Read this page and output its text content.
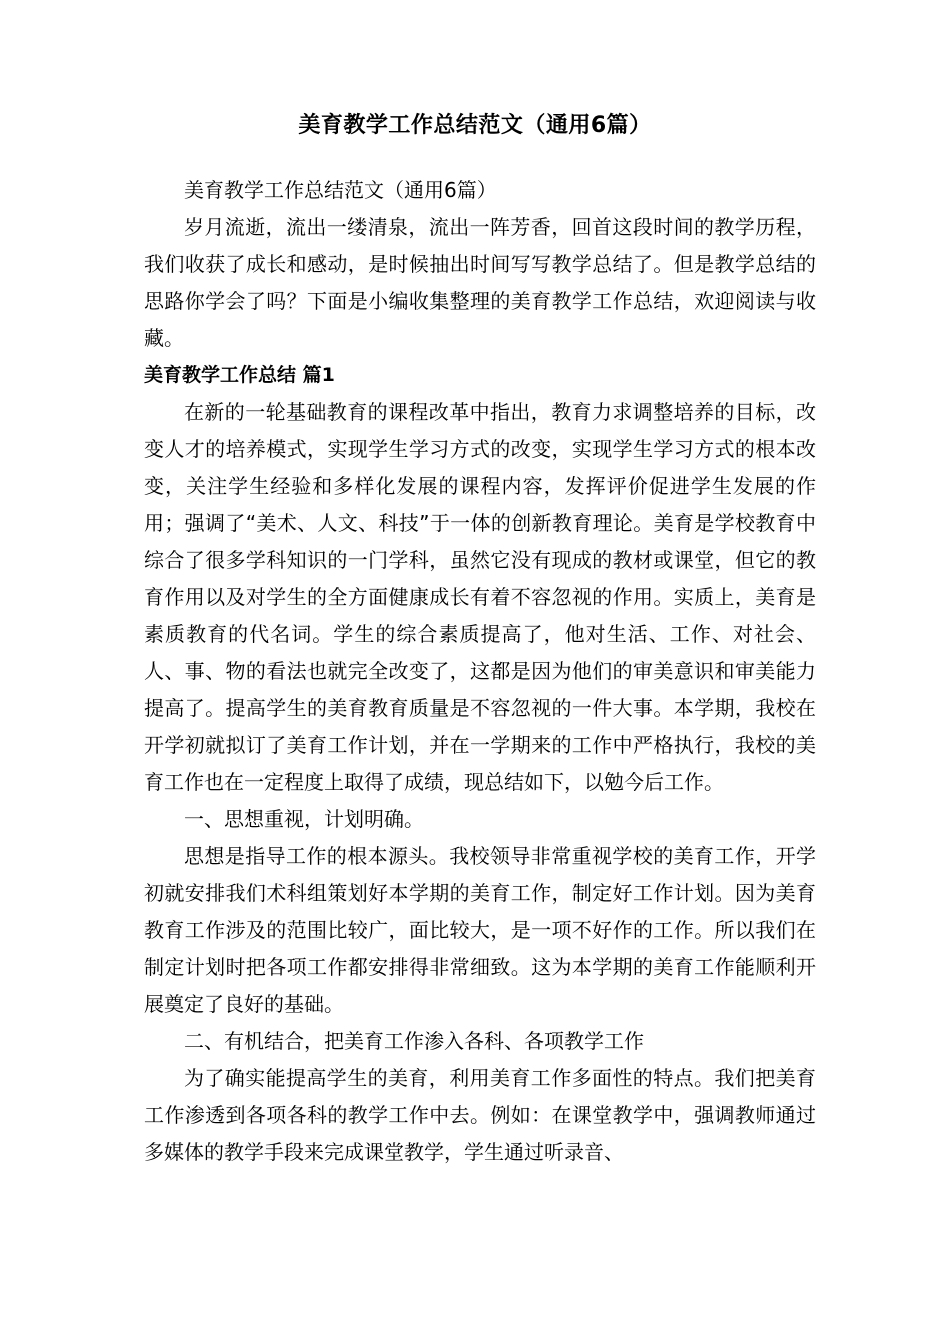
美育教学工作总结范文（通用6篇）

美育教学工作总结范文（通用6篇）

岁月流逝，流出一缕清泉，流出一阵芳香，回首这段时间的教学历程，我们收获了成长和感动，是时候抽出时间写写教学总结了。但是教学总结的思路你学会了吗？下面是小编收集整理的美育教学工作总结，欢迎阅读与收藏。

美育教学工作总结 篇1

在新的一轮基础教育的课程改革中指出，教育力求调整培养的目标，改变人才的培养模式，实现学生学习方式的改变，实现学生学习方式的根本改变，关注学生经验和多样化发展的课程内容，发挥评价促进学生发展的作用；强调了“美术、人文、科技”于一体的创新教育理论。美育是学校教育中综合了很多学科知识的一门学科，虽然它没有现成的教材或课堂，但它的教育作用以及对学生的全方面健康成长有着不容忽视的作用。实质上，美育是素质教育的代名词。学生的综合素质提高了，他对生活、工作、对社会、人、事、物的看法也就完全改变了，这都是因为他们的审美意识和审美能力提高了。提高学生的美育教育质量是不容忽视的一件大事。本学期，我校在开学初就拟订了美育工作计划，并在一学期来的工作中严格执行，我校的美育工作也在一定程度上取得了成绩，现总结如下，以勉今后工作。

一、思想重视，计划明确。

思想是指导工作的根本源头。我校领导非常重视学校的美育工作，开学初就安排我们术科组策划好本学期的美育工作，制定好工作计划。因为美育教育工作涉及的范围比较广，面比较大，是一项不好作的工作。所以我们在制定计划时把各项工作都安排得非常细致。这为本学期的美育工作能顺利开展奠定了良好的基础。

二、有机结合，把美育工作渗入各科、各项教学工作

为了确实能提高学生的美育，利用美育工作多面性的特点。我们把美育工作渗透到各项各科的教学工作中去。例如：在课堂教学中，强调教师通过多媒体的教学手段来完成课堂教学，学生通过听录音、
